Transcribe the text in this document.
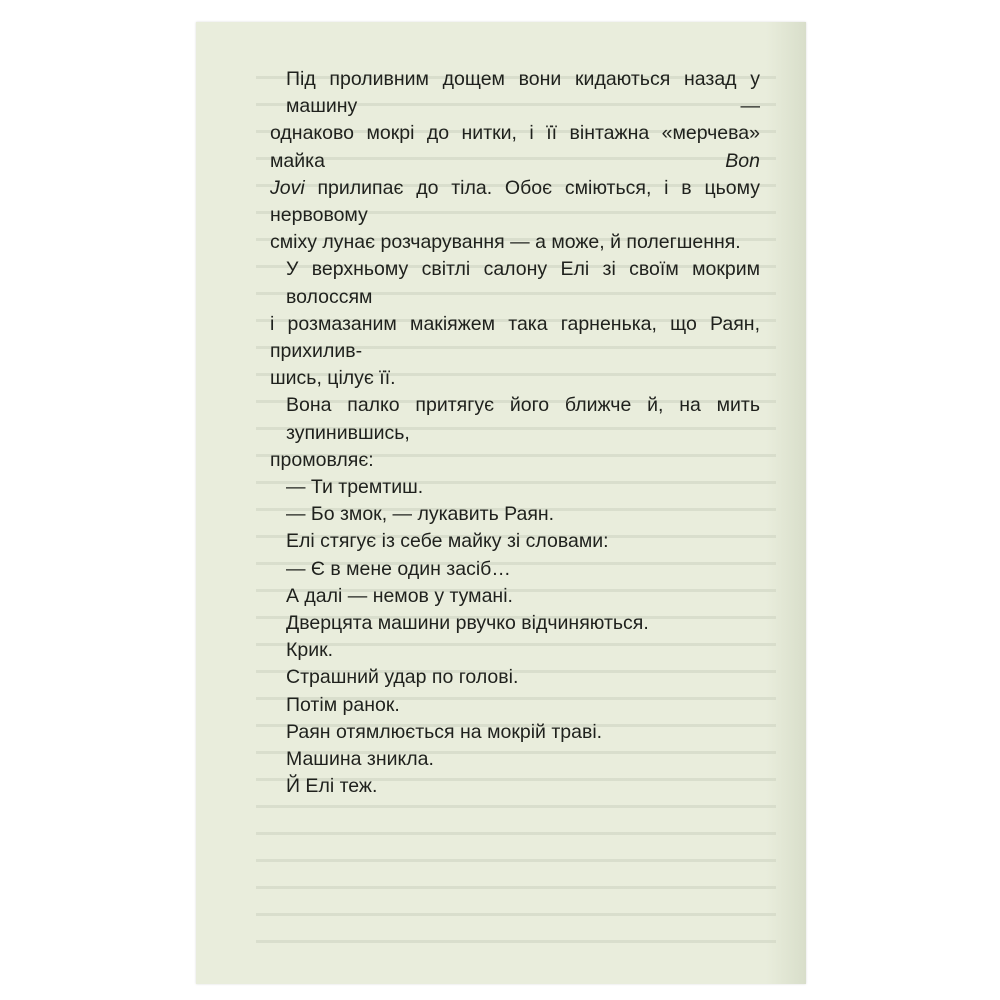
Під проливним дощем вони кидаються назад у машину —
однаково мокрі до нитки, і її вінтажна «мерчева» майка Bon
Jovi прилипає до тіла. Обоє сміються, і в цьому нервовому
сміху лунає розчарування — а може, й полегшення.

У верхньому світлі салону Елі зі своїм мокрим волоссям
і розмазаним макіяжем така гарненька, що Раян, прихилив-
шись, цілує її.

Вона палко притягує його ближче й, на мить зупинившись,
промовляє:

— Ти тремтиш.

— Бо змок, — лукавить Раян.

Елі стягує із себе майку зі словами:

— Є в мене один засіб…

А далі — немов у тумані.

Дверцята машини рвучко відчиняються.

Крик.

Страшний удар по голові.

Потім ранок.

Раян отямлюється на мокрій траві.

Машина зникла.

Й Елі теж.
